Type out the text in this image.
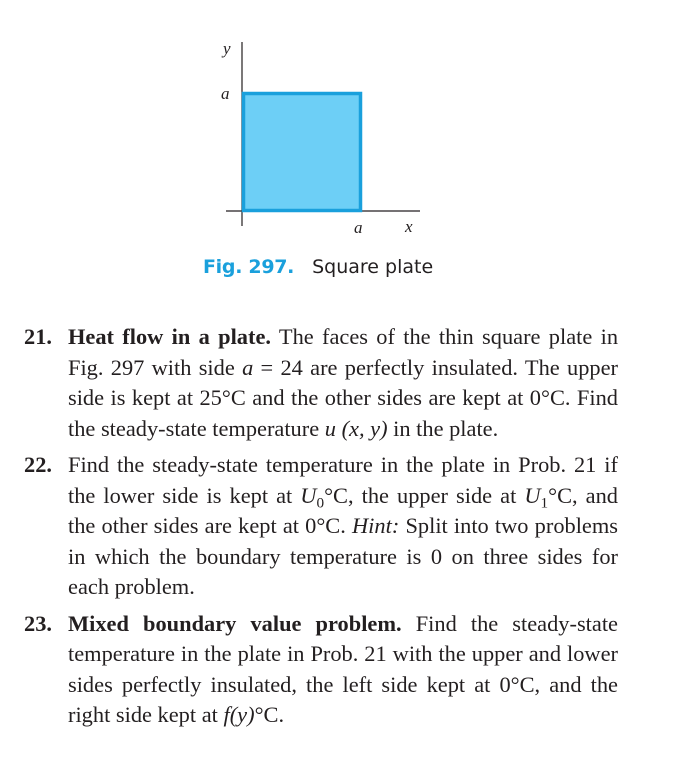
y
a
a	x
Fig. 297. Square plate
21. Heat flow in a plate. The faces of the thin square plate in Fig. 297 with side a = 24 are perfectly insulated. The upper side is kept at 25°C and the other sides are kept at 0°C. Find the steady-state temperature u (x, y) in the plate.
22. Find the steady-state temperature in the plate in Prob. 21 if the lower side is kept at $U_0^\circ C$, the upper side at $U_1^\circ C$, and the other sides are kept at 0°C. Hint: Split into two problems in which the boundary temperature is 0 on three sides for each problem.
23. Mixed boundary value problem. Find the steady-state temperature in the plate in Prob. 21 with the upper and lower sides perfectly insulated, the left side kept at 0°C, and the right side kept at f(y)°C.
